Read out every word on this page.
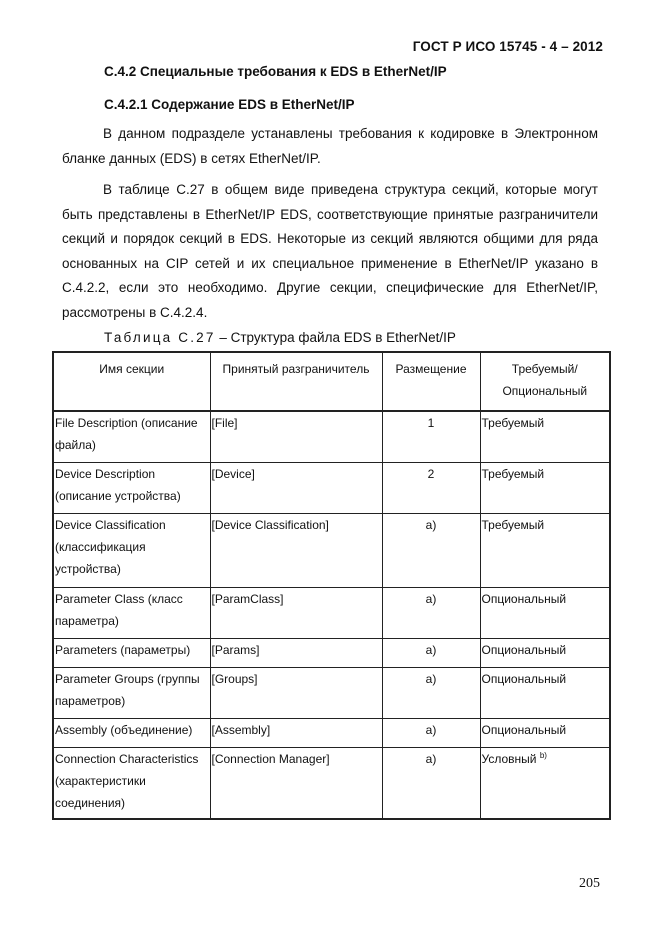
ГОСТ Р ИСО 15745 - 4 – 2012
C.4.2 Специальные требования к EDS в EtherNet/IP
C.4.2.1 Содержание EDS в EtherNet/IP

В данном подразделе устанавлены требования к кодировке в Электронном бланке данных (EDS) в сетях EtherNet/IP.

В таблице С.27 в общем виде приведена структура секций, которые могут быть представлены в EtherNet/IP EDS, соответствующие принятые разграничители секций и порядок секций в EDS. Некоторые из секций являются общими для ряда основанных на CIP сетей и их специальное применение в EtherNet/IP указано в С.4.2.2, если это необходимо. Другие секции, специфические для EtherNet/IP, рассмотрены в С.4.2.4.

Таблица С.27 – Структура файла EDS в EtherNet/IP
Имя секции	Принятый разграничитель	Размещение	Требуемый/ Опциональный
File Description (описание файла)	[File]	1	Требуемый
Device Description (описание устройства)	[Device]	2	Требуемый
Device Classification (классификация устройства)	[Device Classification]	а)	Требуемый
Parameter Class (класс параметра)	[ParamClass]	а)	Опциональный
Parameters (параметры)	[Params]	а)	Опциональный
Parameter Groups (группы параметров)	[Groups]	а)	Опциональный
Assembly (объединение)	[Assembly]	а)	Опциональный
Connection Characteristics (характеристики соединения)	[Connection Manager]	а)	Условный $^{b)}$
205
